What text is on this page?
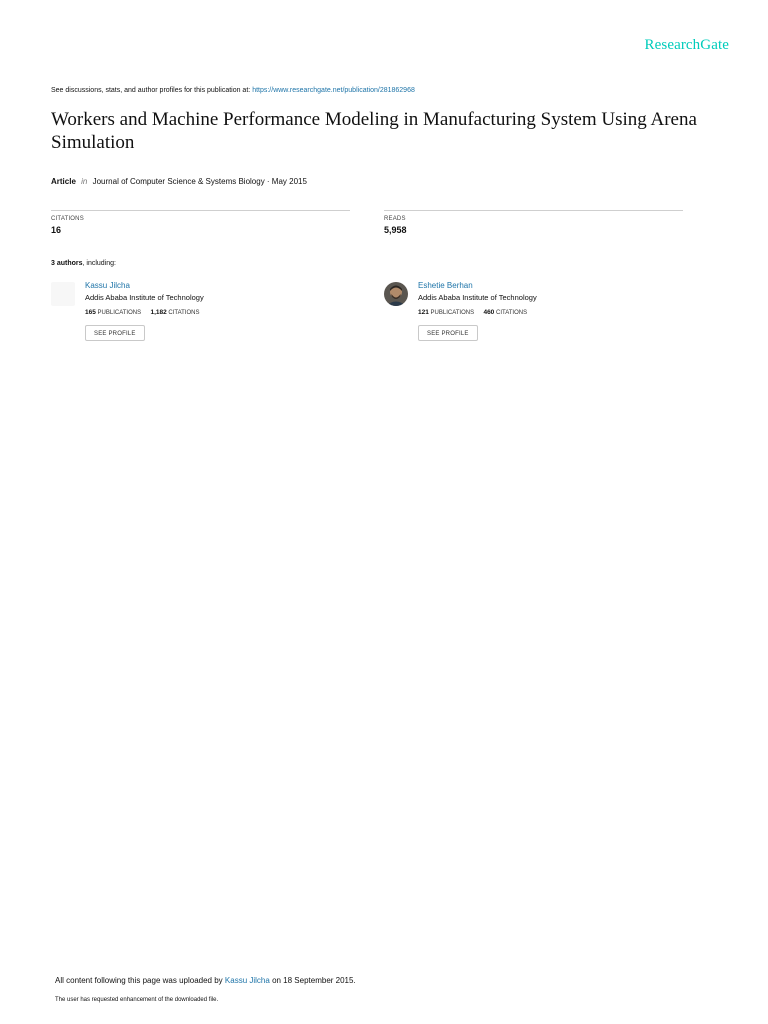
ResearchGate
See discussions, stats, and author profiles for this publication at: https://www.researchgate.net/publication/281862968
Workers and Machine Performance Modeling in Manufacturing System Using Arena Simulation
Article in Journal of Computer Science & Systems Biology · May 2015
CITATIONS
16
READS
5,958
3 authors, including:
Kassu Jilcha
Addis Ababa Institute of Technology
165 PUBLICATIONS 1,182 CITATIONS
SEE PROFILE
Eshetie Berhan
Addis Ababa Institute of Technology
121 PUBLICATIONS 460 CITATIONS
SEE PROFILE
All content following this page was uploaded by Kassu Jilcha on 18 September 2015.
The user has requested enhancement of the downloaded file.
